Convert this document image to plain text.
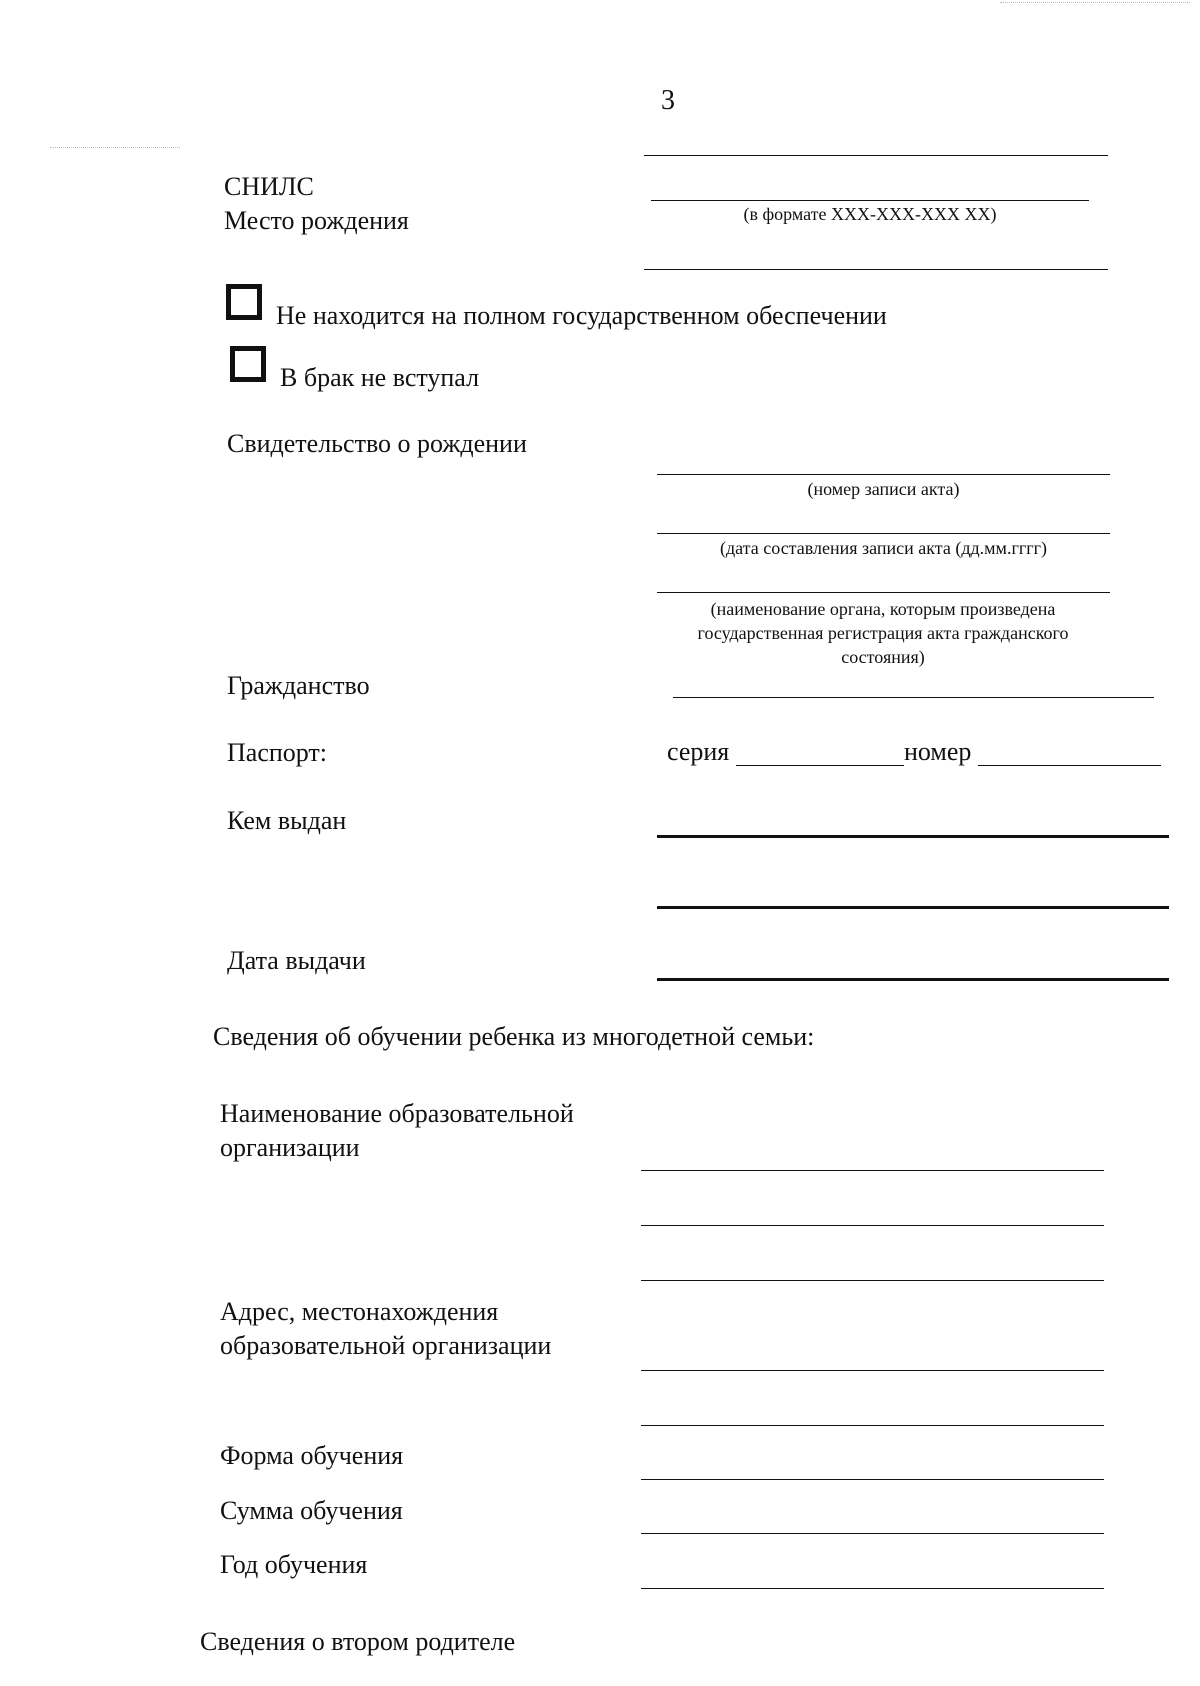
3
СНИЛС
(в формате XXX-XXX-XXX XX)
Место рождения
Не находится на полном государственном обеспечении
В брак не вступал
Свидетельство о рождении
(номер записи акта)
(дата составления записи акта (дд.мм.гггг)
(наименование органа, которым произведена государственная регистрация акта гражданского состояния)
Гражданство
Паспорт:	серия	номер
Кем выдан
Дата выдачи
Сведения об обучении ребенка из многодетной семьи:
Наименование образовательной
организации
Адрес, местонахождения
образовательной организации
Форма обучения
Сумма обучения
Год обучения
Сведения о втором родителе
